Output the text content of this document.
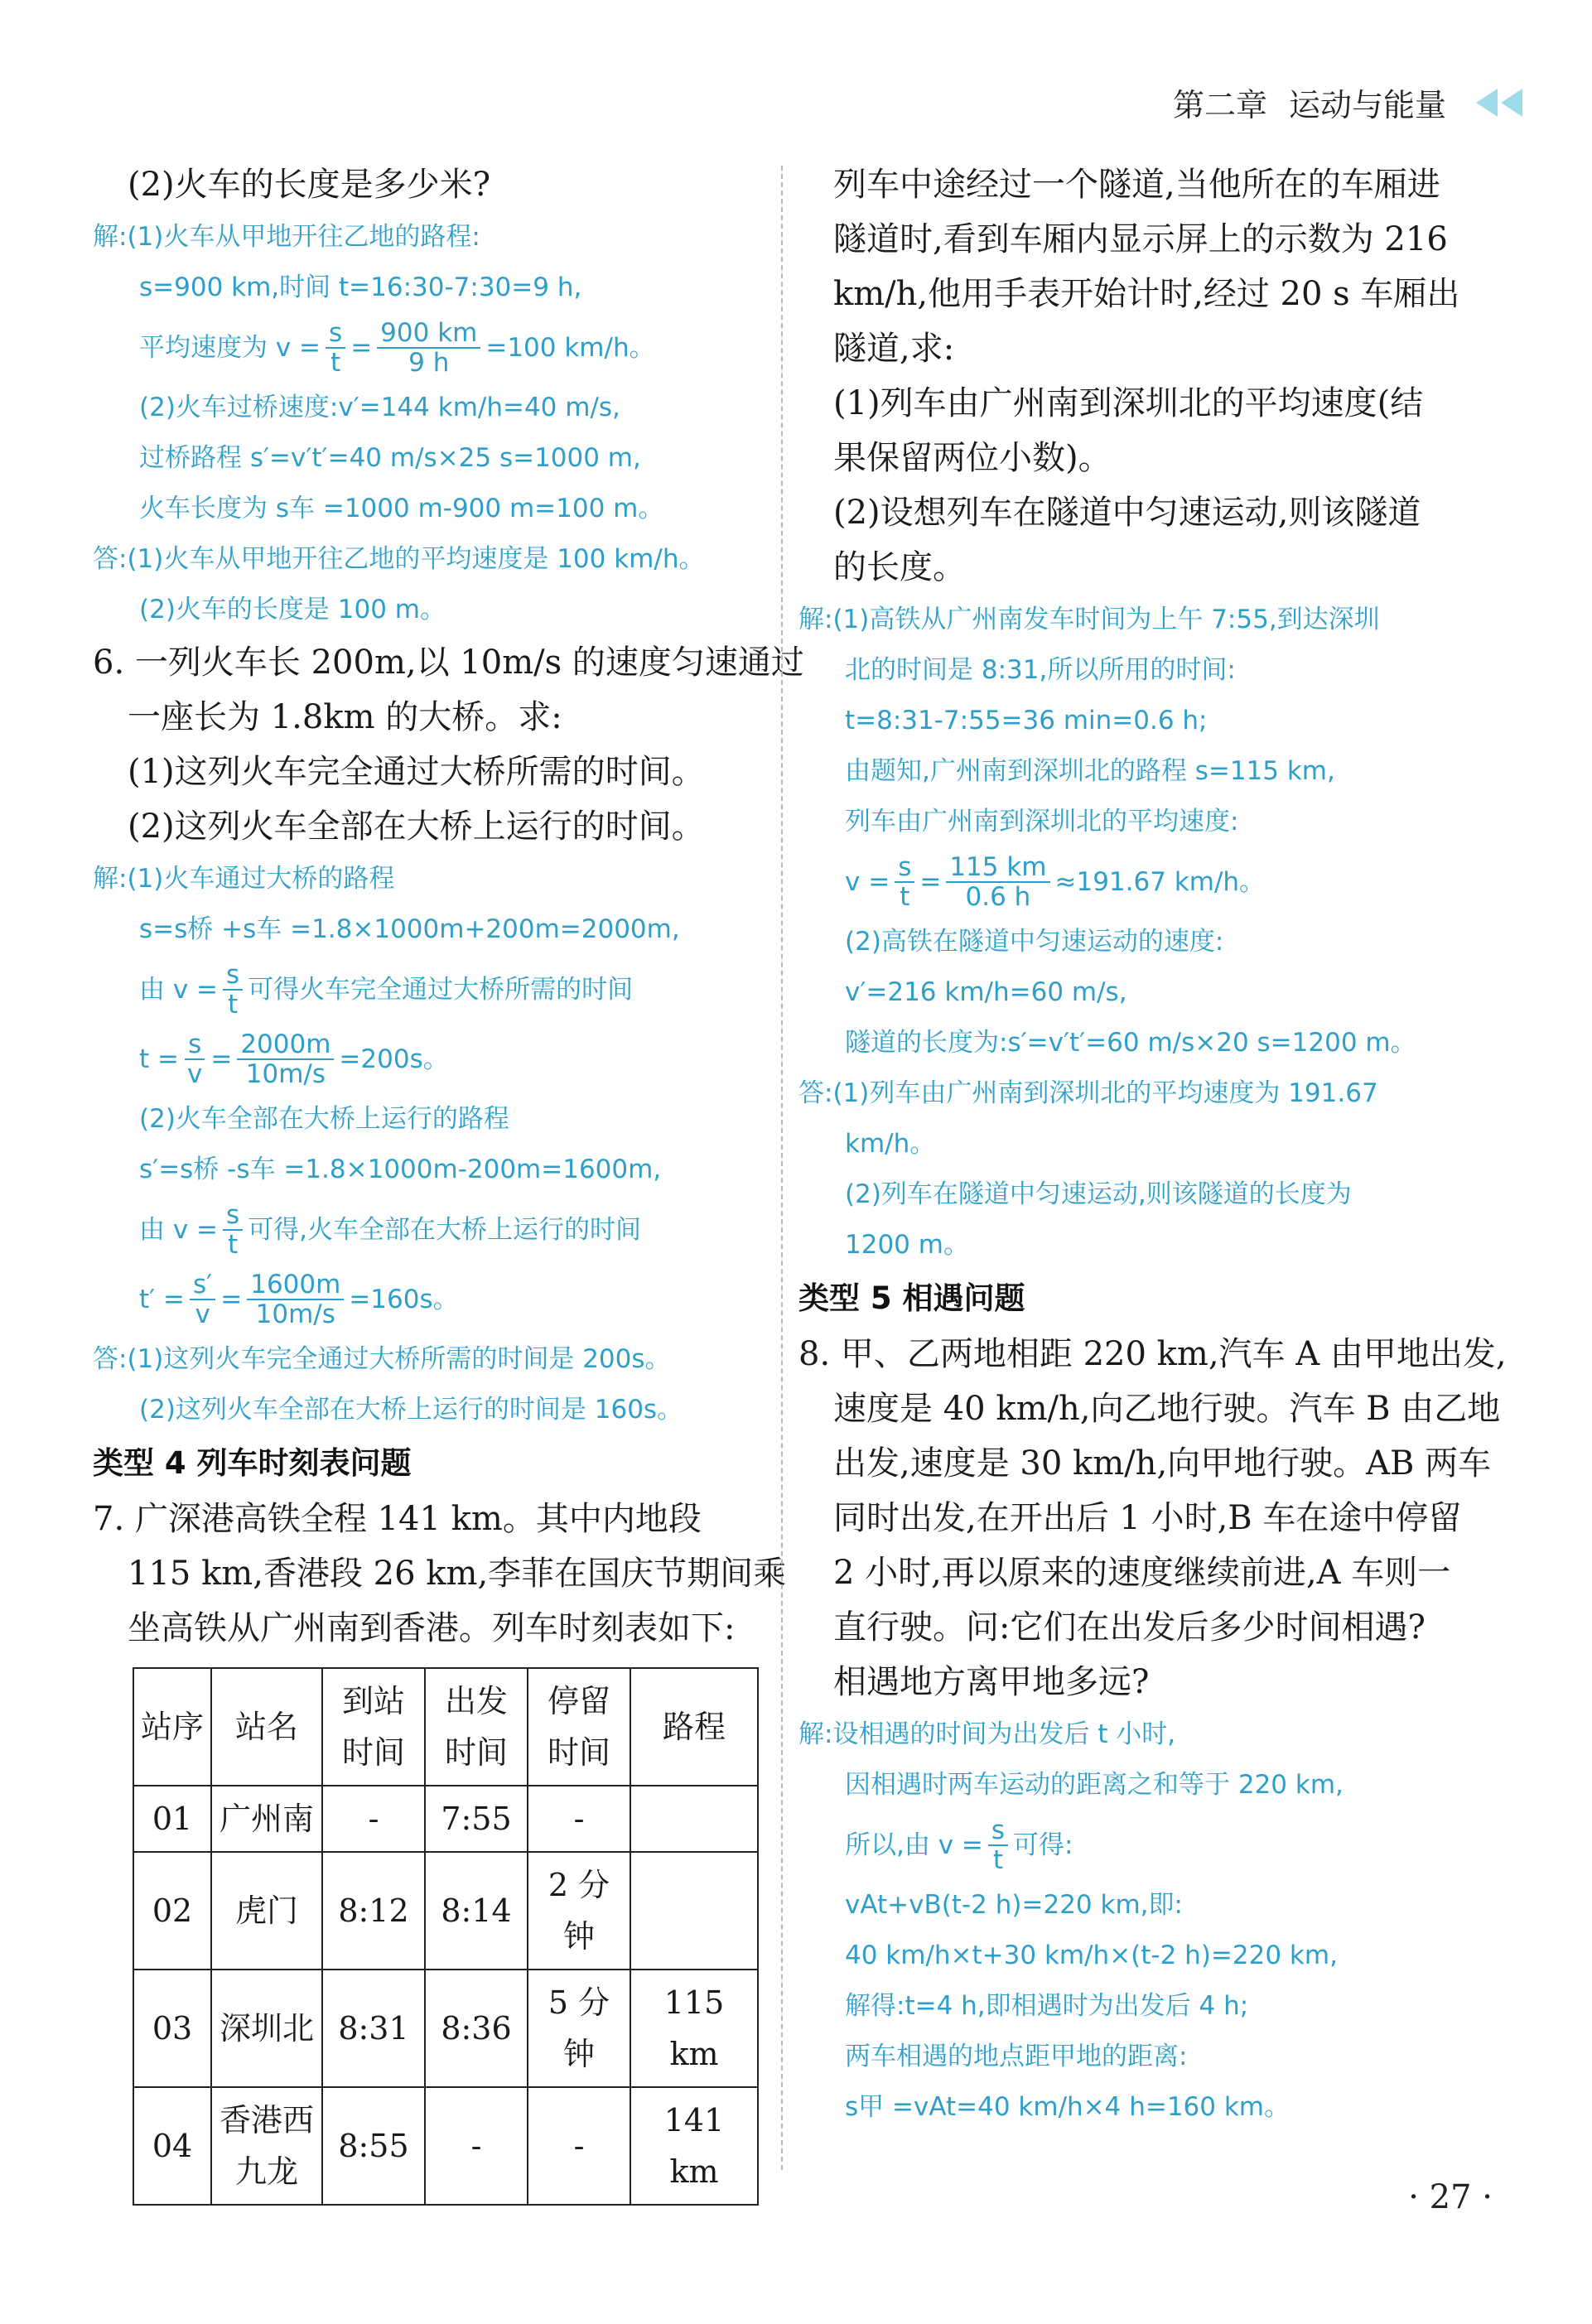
第二章 运动与能量
(2)火车的长度是多少米?
解:(1)火车从甲地开往乙地的路程:
s=900 km,时间 t=16:30-7:30=9 h,
平均速度为 $v = \frac{s}{t} = \frac{900 km}{9 h} =100$ km/h。
(2)火车过桥速度:v′=144 km/h=40 m/s,
过桥路程 s′=v′t′=40 m/s×25 s=1000 m,
火车长度为 s车 =1000 m-900 m=100 m。
答:(1)火车从甲地开往乙地的平均速度是 100 km/h。
(2)火车的长度是 100 m。
6. 一列火车长 200m,以 10m/s 的速度匀速通过
一座长为 1.8km 的大桥。求:
(1)这列火车完全通过大桥所需的时间。
(2)这列火车全部在大桥上运行的时间。
解:(1)火车通过大桥的路程
s=s桥 +s车 =1.8×1000m+200m=2000m,
由 $v = \frac{s}{t}$ 可得火车完全通过大桥所需的时间
$t = \frac{s}{v} = \frac{2000m}{10m/s} =200s$。
(2)火车全部在大桥上运行的路程
s′=s桥 -s车 =1.8×1000m-200m=1600m,
由 $v = \frac{s}{t}$ 可得,火车全部在大桥上运行的时间
$t' = \frac{s'}{v} = \frac{1600m}{10m/s} =160s$。
答:(1)这列火车完全通过大桥所需的时间是 200s。
(2)这列火车全部在大桥上运行的时间是 160s。
类型 4 列车时刻表问题
7. 广深港高铁全程 141 km。其中内地段
115 km,香港段 26 km,李菲在国庆节期间乘
坐高铁从广州南到香港。列车时刻表如下:
站序	站名	到站时间	出发时间	停留时间	路程
01	广州南	-	7:55	-	
02	虎门	8:12	8:14	2 分钟	
03	深圳北	8:31	8:36	5 分钟	115 km
04	香港西九龙	8:55	-	-	141 km
列车中途经过一个隧道,当他所在的车厢进
隧道时,看到车厢内显示屏上的示数为 216
km/h,他用手表开始计时,经过 20 s 车厢出
隧道,求:
(1)列车由广州南到深圳北的平均速度(结
果保留两位小数)。
(2)设想列车在隧道中匀速运动,则该隧道
的长度。
解:(1)高铁从广州南发车时间为上午 7:55,到达深圳
北的时间是 8:31,所以所用的时间:
t=8:31-7:55=36 min=0.6 h;
由题知,广州南到深圳北的路程 s=115 km,
列车由广州南到深圳北的平均速度:
$v = \frac{s}{t} = \frac{115 km}{0.6 h} \approx 191.67$ km/h。
(2)高铁在隧道中匀速运动的速度:
v′=216 km/h=60 m/s,
隧道的长度为:s′=v′t′=60 m/s×20 s=1200 m。
答:(1)列车由广州南到深圳北的平均速度为 191.67
km/h。
(2)列车在隧道中匀速运动,则该隧道的长度为
1200 m。
类型 5 相遇问题
8. 甲、乙两地相距 220 km,汽车 A 由甲地出发,
速度是 40 km/h,向乙地行驶。汽车 B 由乙地
出发,速度是 30 km/h,向甲地行驶。AB 两车
同时出发,在开出后 1 小时,B 车在途中停留
2 小时,再以原来的速度继续前进,A 车则一
直行驶。问:它们在出发后多少时间相遇?
相遇地方离甲地多远?
解:设相遇的时间为出发后 t 小时,
因相遇时两车运动的距离之和等于 220 km,
所以,由 $v = \frac{s}{t}$ 可得:
vAt+vB(t-2 h)=220 km,即:
40 km/h×t+30 km/h×(t-2 h)=220 km,
解得:t=4 h,即相遇时为出发后 4 h;
两车相遇的地点距甲地的距离:
s甲 =vAt=40 km/h×4 h=160 km。
· 27 ·
